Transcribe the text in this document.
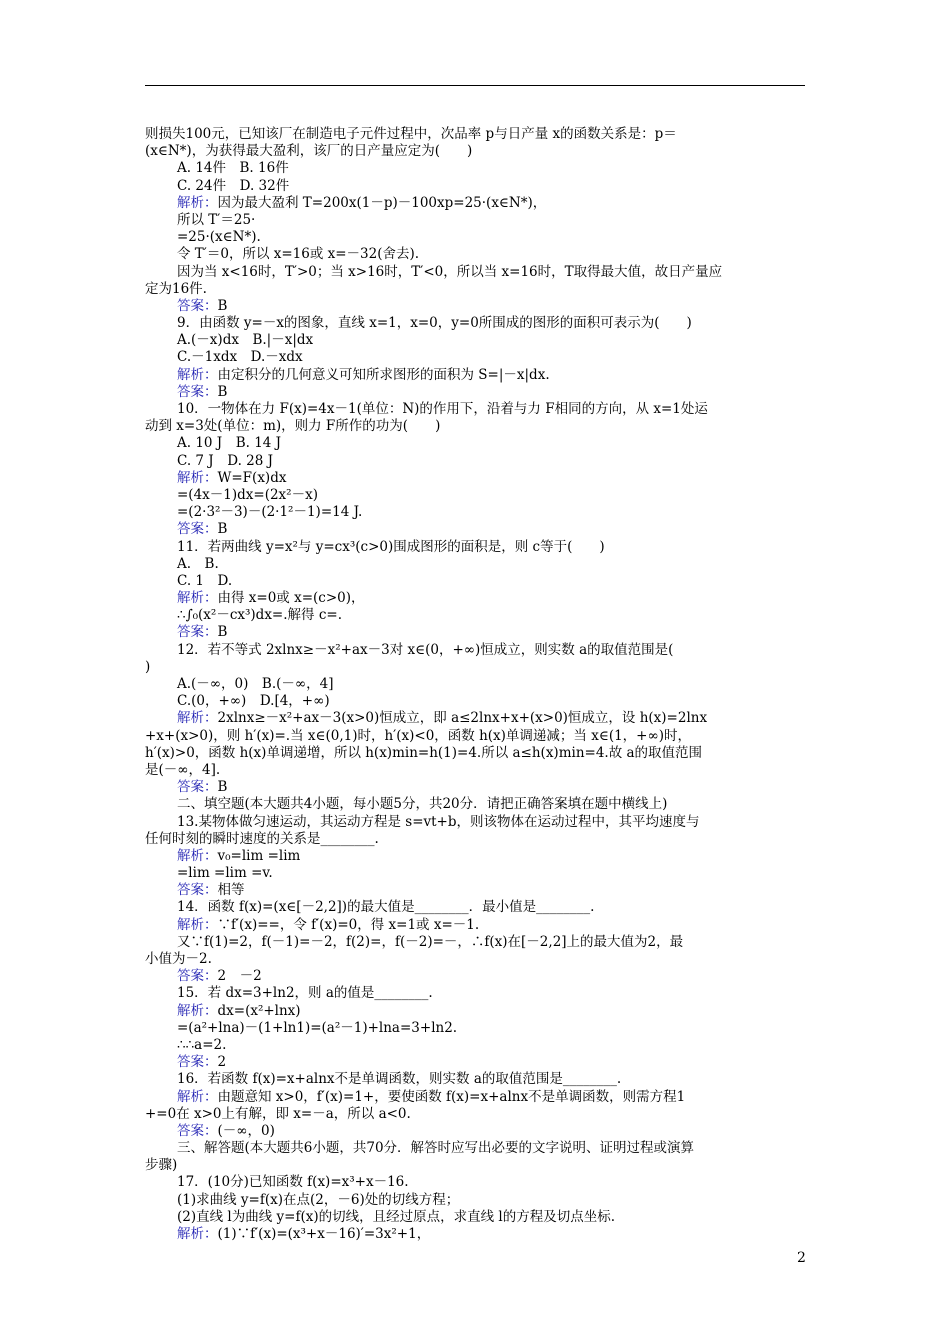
则损失100元，已知该厂在制造电子元件过程中，次品率 p与日产量 x的函数关系是：p＝
(x∈N*)，为获得最大盈利，该厂的日产量应定为(　　)
A. 14件　B. 16件
C. 24件　D. 32件
解析：因为最大盈利 T=200x(1－p)－100xp=25·(x∈N*)，
所以 T′＝25·
=25·(x∈N*).
令 T′＝0，所以 x=16或 x=－32(舍去).
因为当 x<16时，T′>0；当 x>16时，T′<0，所以当 x=16时，T取得最大值，故日产量应
定为16件.
答案：B
9．由函数 y=－x的图象，直线 x=1，x=0，y=0所围成的图形的面积可表示为(　　)
A.(－x)dx　B.|－x|dx
C.－1xdx　D.－xdx
解析：由定积分的几何意义可知所求图形的面积为 S=|－x|dx.
答案：B
10．一物体在力 F(x)=4x－1(单位：N)的作用下，沿着与力 F相同的方向，从 x=1处运
动到 x=3处(单位：m)，则力 F所作的功为(　　)
A. 10 J　B. 14 J
C. 7 J　D. 28 J
解析：W=F(x)dx
=(4x－1)dx=(2x²－x)
=(2·3²－3)－(2·1²－1)=14 J.
答案：B
11．若两曲线 y=x²与 y=cx³(c>0)围成图形的面积是，则 c等于(　　)
A.　B.
C. 1　D.
解析：由得 x=0或 x=(c>0)，
∴∫₀(x²－cx³)dx=.解得 c=.
答案：B
12．若不等式 2xlnx≥－x²+ax－3对 x∈(0，+∞)恒成立，则实数 a的取值范围是(
)
A.(－∞，0)　B.(－∞，4]
C.(0，+∞)　D.[4，+∞)
解析：2xlnx≥－x²+ax－3(x>0)恒成立，即 a≤2lnx+x+(x>0)恒成立，设 h(x)=2lnx
+x+(x>0)，则 h′(x)=.当 x∈(0,1)时，h′(x)<0，函数 h(x)单调递减；当 x∈(1，+∞)时，
h′(x)>0，函数 h(x)单调递增，所以 h(x)min=h(1)=4.所以 a≤h(x)min=4.故 a的取值范围
是(－∞，4].
答案：B
二、填空题(本大题共4小题，每小题5分，共20分．请把正确答案填在题中横线上)
13.某物体做匀速运动，其运动方程是 s=vt+b，则该物体在运动过程中，其平均速度与
任何时刻的瞬时速度的关系是________.
解析：v₀=lim =lim
=lim =lim =v.
答案：相等
14．函数 f(x)=(x∈[－2,2])的最大值是________．最小值是________.
解析：∵f′(x)==，令 f′(x)=0，得 x=1或 x=－1.
又∵f(1)=2，f(－1)=－2，f(2)=，f(－2)=－，∴f(x)在[－2,2]上的最大值为2，最
小值为－2.
答案：2　－2
15．若 dx=3+ln2，则 a的值是________.
解析：dx=(x²+lnx)
=(a²+lna)－(1+ln1)=(a²－1)+lna=3+ln2.
∴∴a=2.
答案：2
16．若函数 f(x)=x+alnx不是单调函数，则实数 a的取值范围是________.
解析：由题意知 x>0，f′(x)=1+，要使函数 f(x)=x+alnx不是单调函数，则需方程1
+=0在 x>0上有解，即 x=－a，所以 a<0.
答案：(－∞，0)
三、解答题(本大题共6小题，共70分．解答时应写出必要的文字说明、证明过程或演算
步骤)
17．(10分)已知函数 f(x)=x³+x－16.
(1)求曲线 y=f(x)在点(2，－6)处的切线方程；
(2)直线 l为曲线 y=f(x)的切线，且经过原点，求直线 l的方程及切点坐标.
解析：(1)∵f′(x)=(x³+x－16)′=3x²+1，
2
